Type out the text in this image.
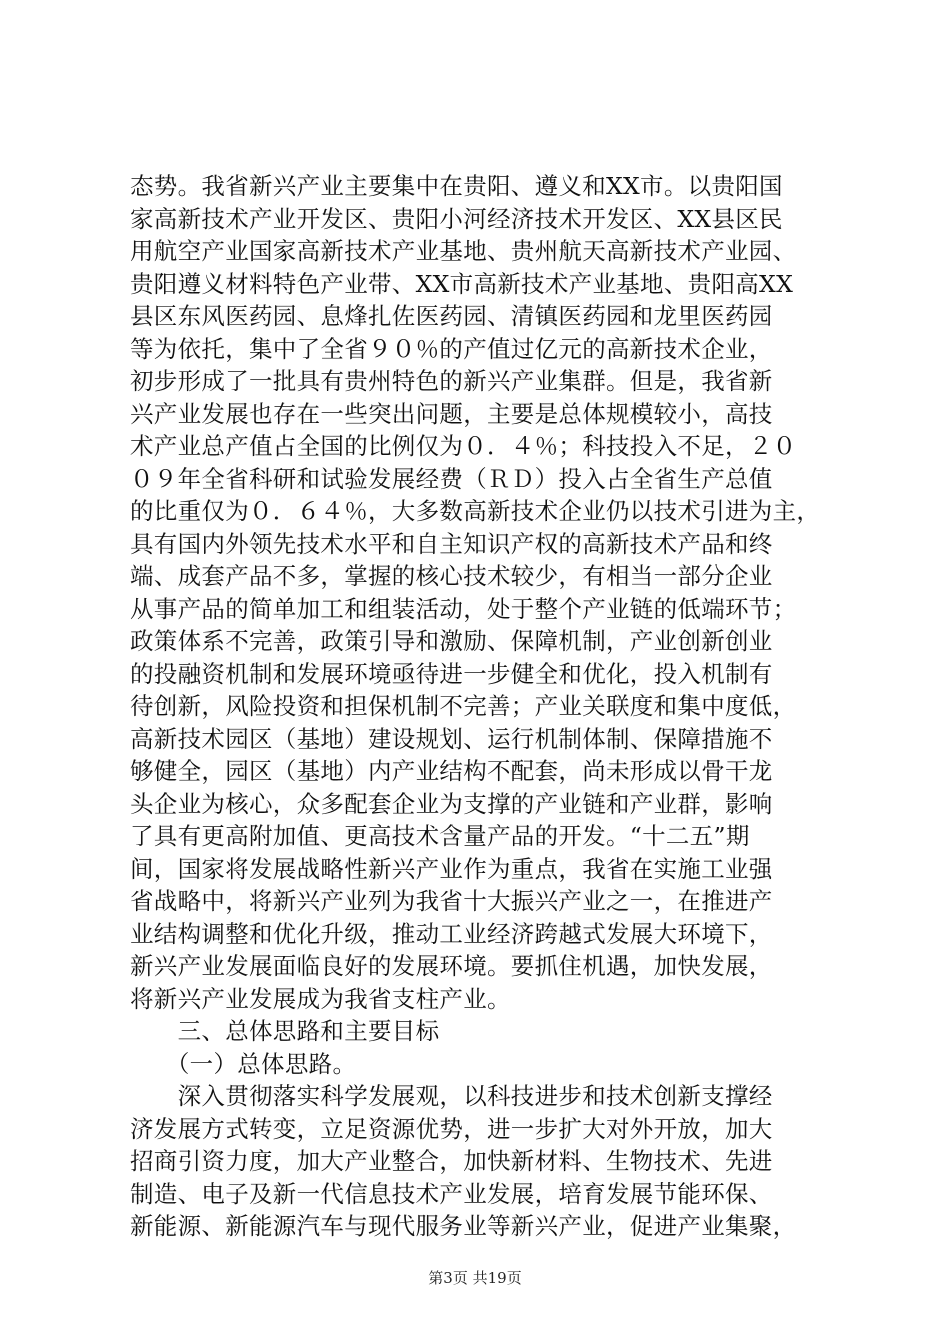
态势。我省新兴产业主要集中在贵阳、遵义和XX市。以贵阳国
家高新技术产业开发区、贵阳小河经济技术开发区、XX县区民
用航空产业国家高新技术产业基地、贵州航天高新技术产业园、
贵阳遵义材料特色产业带、XX市高新技术产业基地、贵阳高XX
县区东风医药园、息烽扎佐医药园、清镇医药园和龙里医药园
等为依托，集中了全省９０％的产值过亿元的高新技术企业，
初步形成了一批具有贵州特色的新兴产业集群。但是，我省新
兴产业发展也存在一些突出问题，主要是总体规模较小，高技
术产业总产值占全国的比例仅为０．４％；科技投入不足，２０
０９年全省科研和试验发展经费（ＲＤ）投入占全省生产总值
的比重仅为０．６４％，大多数高新技术企业仍以技术引进为主，
具有国内外领先技术水平和自主知识产权的高新技术产品和终
端、成套产品不多，掌握的核心技术较少，有相当一部分企业
从事产品的简单加工和组装活动，处于整个产业链的低端环节；
政策体系不完善，政策引导和激励、保障机制，产业创新创业
的投融资机制和发展环境亟待进一步健全和优化，投入机制有
待创新，风险投资和担保机制不完善；产业关联度和集中度低，
高新技术园区（基地）建设规划、运行机制体制、保障措施不
够健全，园区（基地）内产业结构不配套，尚未形成以骨干龙
头企业为核心，众多配套企业为支撑的产业链和产业群，影响
了具有更高附加值、更高技术含量产品的开发。“十二五”期
间，国家将发展战略性新兴产业作为重点，我省在实施工业强
省战略中，将新兴产业列为我省十大振兴产业之一，在推进产
业结构调整和优化升级，推动工业经济跨越式发展大环境下，
新兴产业发展面临良好的发展环境。要抓住机遇，加快发展，
将新兴产业发展成为我省支柱产业。
　　三、总体思路和主要目标
　　（一）总体思路。
　　深入贯彻落实科学发展观，以科技进步和技术创新支撑经
济发展方式转变，立足资源优势，进一步扩大对外开放，加大
招商引资力度，加大产业整合，加快新材料、生物技术、先进
制造、电子及新一代信息技术产业发展，培育发展节能环保、
新能源、新能源汽车与现代服务业等新兴产业，促进产业集聚，
第3页 共19页
